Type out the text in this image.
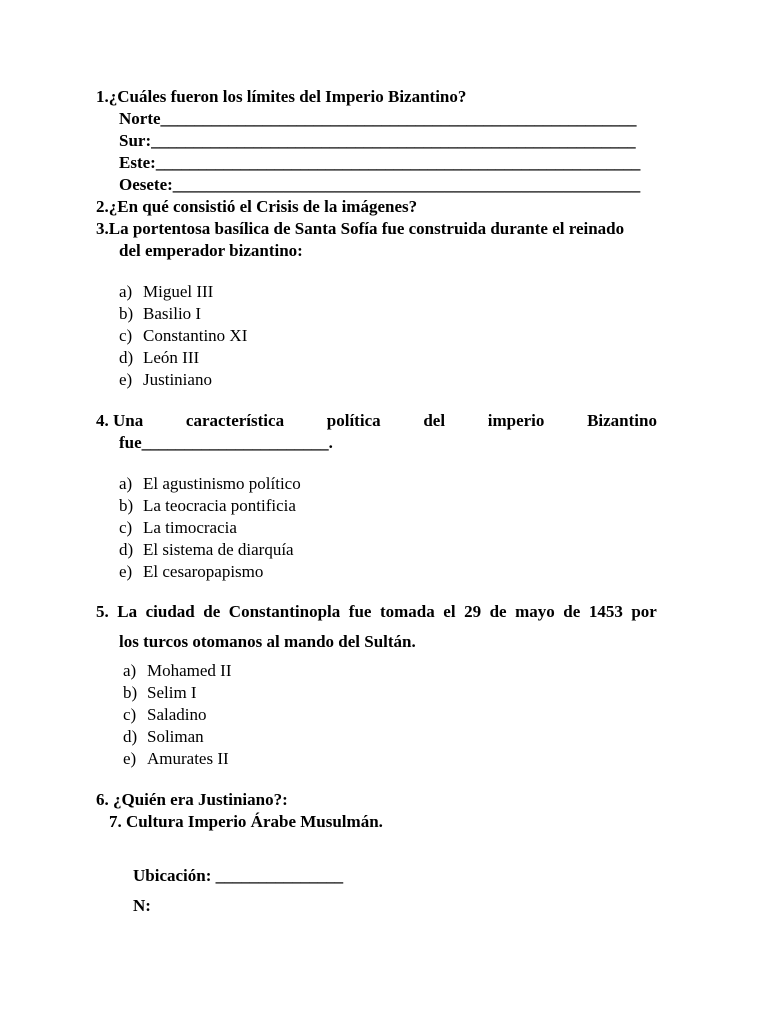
1.¿Cuáles fueron los límites del Imperio Bizantino?
Norte________________________________________________________
Sur:_________________________________________________________
Este:_________________________________________________________
Oesete:_______________________________________________________
2.¿En qué consistió el Crisis de la imágenes?
3.La portentosa basílica de Santa Sofía fue construida durante el reinado
del emperador bizantino:
a) Miguel III
b) Basilio I
c) Constantino XI
d) León III
e) Justiniano
4. Una	característica	política	del	imperio	Bizantino
fue______________________.
a) El agustinismo político
b) La teocracia pontificia
c) La timocracia
d) El sistema de diarquía
e) El cesaropapismo
5. La ciudad de Constantinopla fue tomada el 29 de mayo de 1453 por
los turcos otomanos al mando del Sultán.
a) Mohamed II
b) Selim I
c) Saladino
d) Soliman
e) Amurates II
6. ¿Quién era Justiniano?:
7. Cultura Imperio Árabe Musulmán.
Ubicación: _______________
N:
